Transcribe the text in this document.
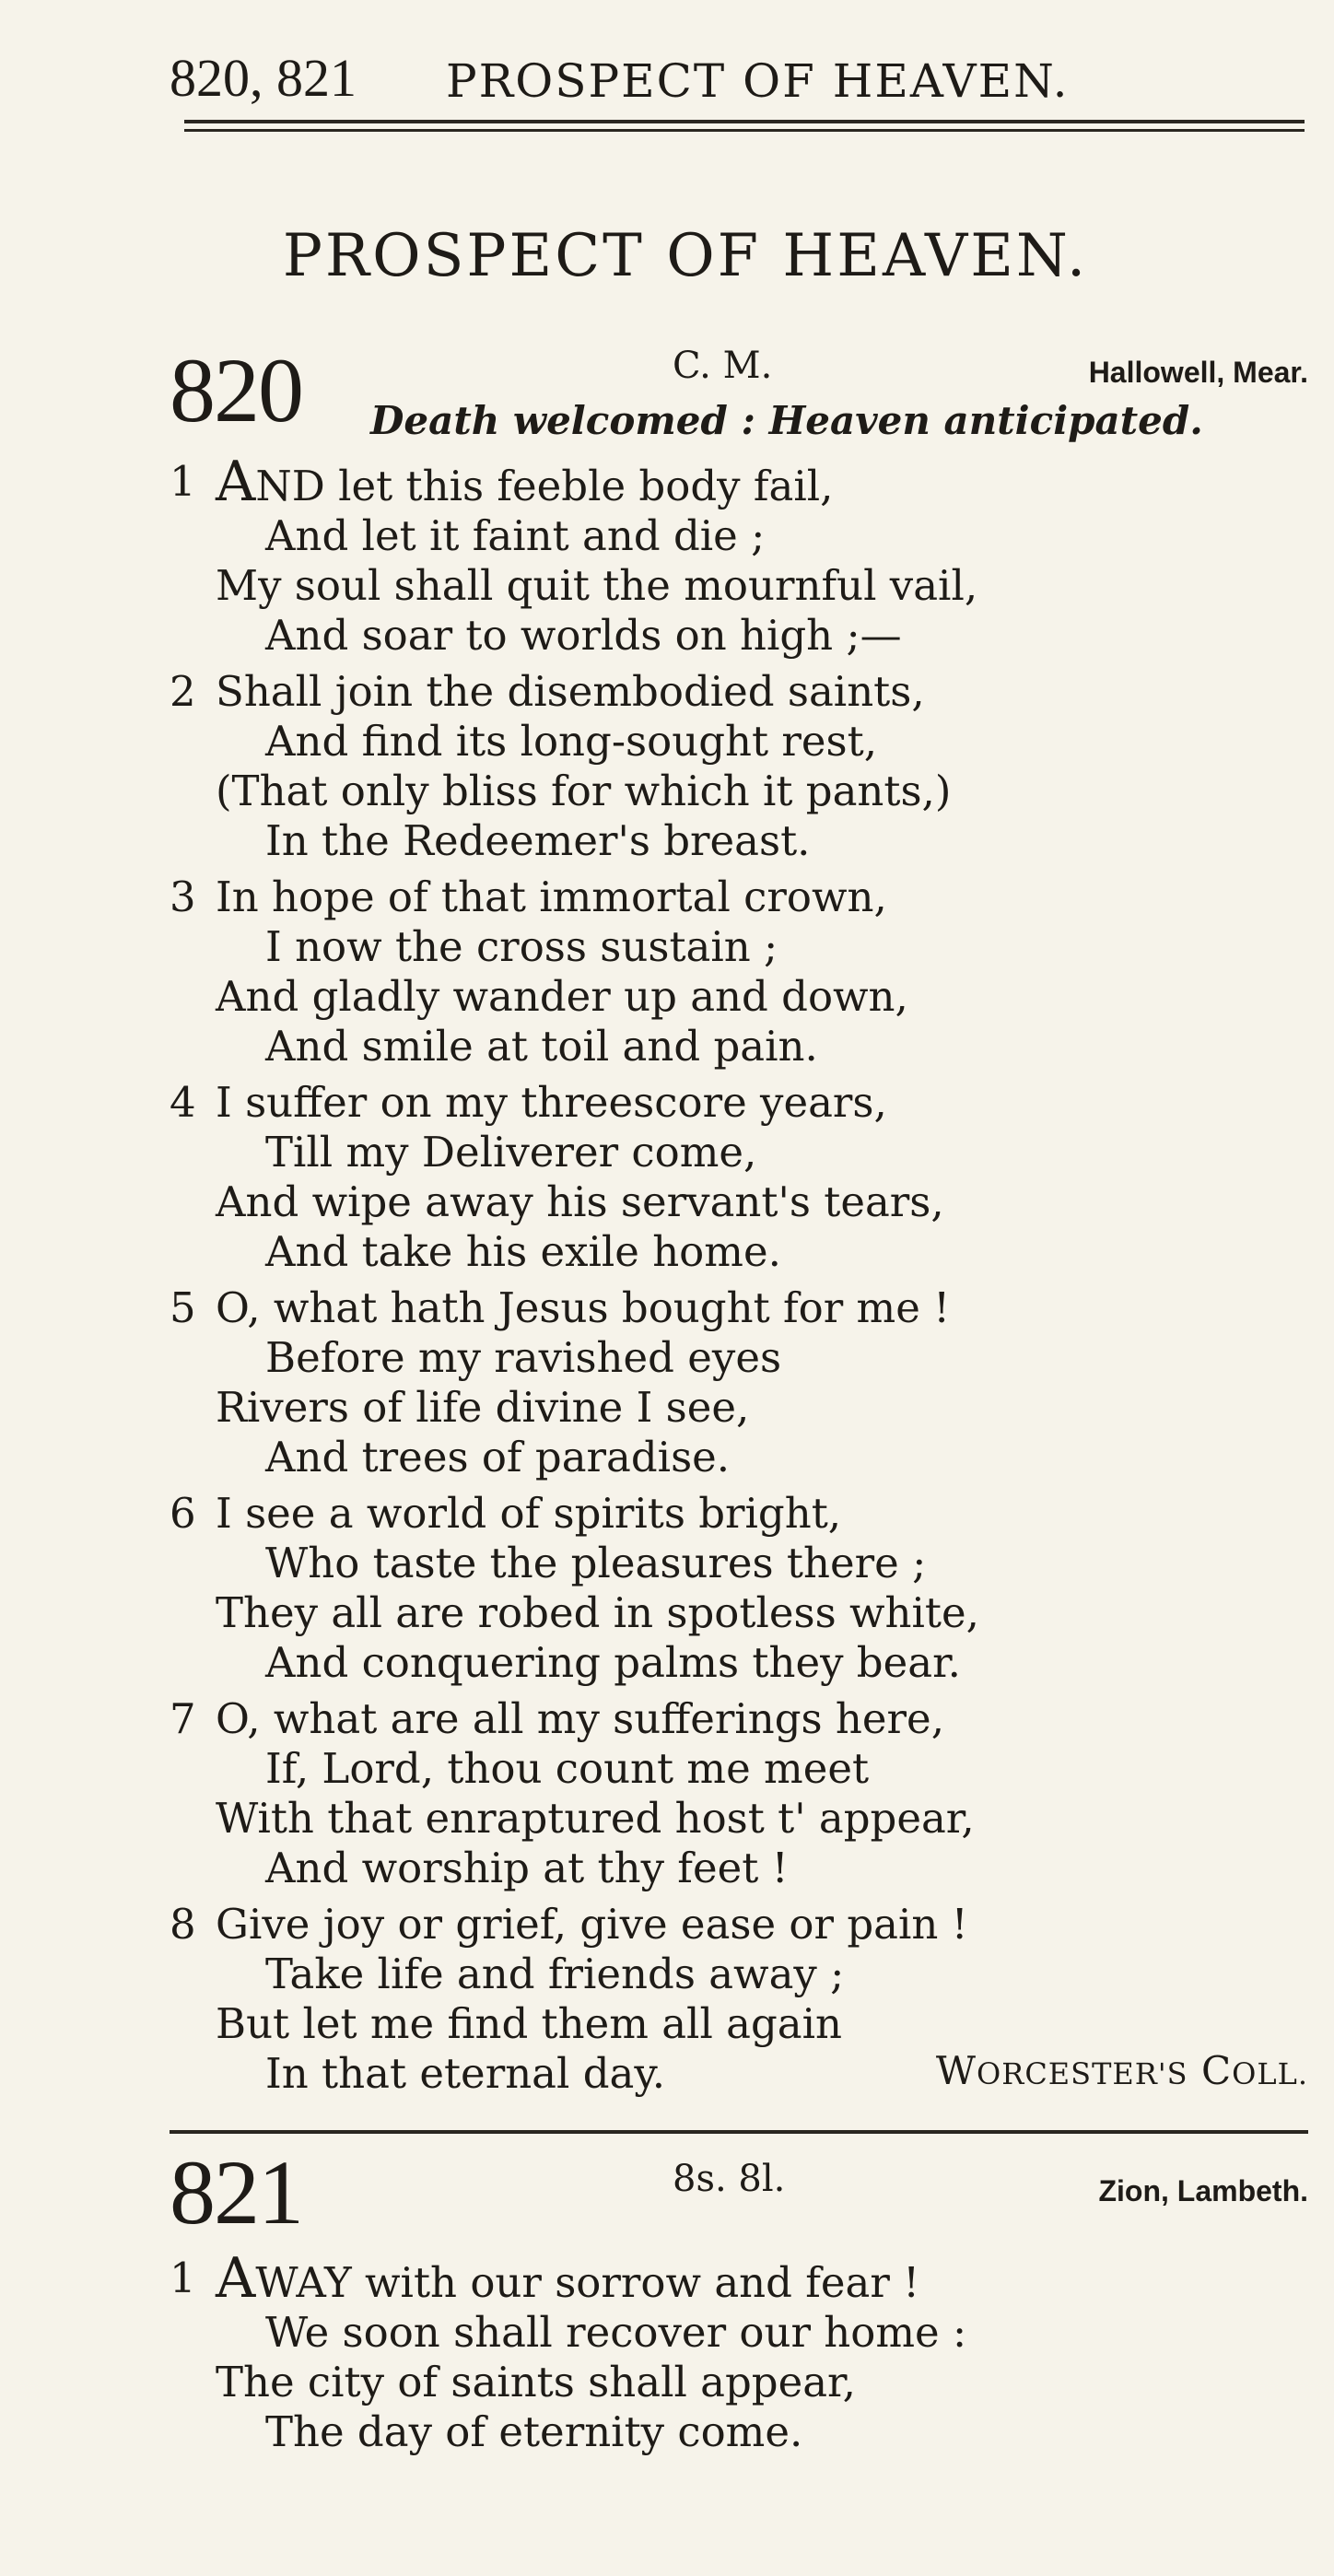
820, 821 PROSPECT OF HEAVEN.
PROSPECT OF HEAVEN.
820	C. M.	Hallowell, Mear.
Death welcomed : Heaven anticipated.
1 AND let this feeble body fail,
And let it faint and die ;
My soul shall quit the mournful vail,
And soar to worlds on high ;—
2 Shall join the disembodied saints,
And find its long-sought rest,
(That only bliss for which it pants,)
In the Redeemer's breast.
3 In hope of that immortal crown,
I now the cross sustain ;
And gladly wander up and down,
And smile at toil and pain.
4 I suffer on my threescore years,
Till my Deliverer come,
And wipe away his servant's tears,
And take his exile home.
5 O, what hath Jesus bought for me !
Before my ravished eyes
Rivers of life divine I see,
And trees of paradise.
6 I see a world of spirits bright,
Who taste the pleasures there ;
They all are robed in spotless white,
And conquering palms they bear.
7 O, what are all my sufferings here,
If, Lord, thou count me meet
With that enraptured host t' appear,
And worship at thy feet !
8 Give joy or grief, give ease or pain !
Take life and friends away ;
But let me find them all again
In that eternal day.	WORCESTER'S COLL.
821	8s. 8l.	Zion, Lambeth.
1 AWAY with our sorrow and fear !
We soon shall recover our home :
The city of saints shall appear,
The day of eternity come.
